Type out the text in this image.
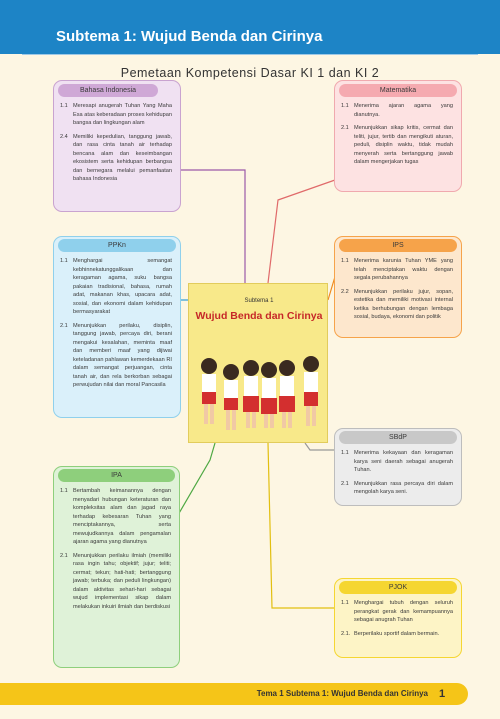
Subtema 1: Wujud Benda dan Cirinya
Pemetaan Kompetensi Dasar KI 1 dan KI 2
Bahasa Indonesia
1.1 Meresapi anugerah Tuhan Yang Maha Esa atas keberadaan proses kehidupan bangsa dan lingkungan alam
2.4 Memiliki kepedulian, tanggung jawab, dan rasa cinta tanah air terhadap bencana alam dan keseimbangan ekosistem serta kehidupan berbangsa dan bernegara melalui pemanfaatan bahasa Indonesia
Matematika
1.1 Menerima ajaran agama yang dianutnya.
2.1 Menunjukkan sikap kritis, cermat dan teliti, jujur, tertib dan mengikuti aturan, peduli, disiplin waktu, tidak mudah menyerah serta bertanggung jawab dalam mengerjakan tugas
PPKn
1.1 Menghargai semangat kebhinnekatunggalikaan dan keragaman agama, suku bangsa pakaian tradisional, bahasa, rumah adat, makanan khas, upacara adat, sosial, dan ekonomi dalam kehidupan bermasyarakat
2.1 Menunjukkan perilaku, disiplin, tanggung jawab, percaya diri, berani mengakui kesalahan, meminta maaf dan memberi maaf yang dijiwai keteladanan pahlawan kemerdekaan RI dalam semangat perjuangan, cinta tanah air, dan rela berkorban sebagai perwujudan nilai dan moral Pancasila
IPS
1.1 Menerima karunia Tuhan YME yang telah menciptakan waktu dengan segala perubahannya
2.2 Menunjukkan perilaku jujur, sopan, estetika dan memiliki motivasi internal ketika berhubungan dengan lembaga sosial, budaya, ekonomi dan politik
Subtema 1
Wujud Benda dan Cirinya
SBdP
1.1 Menerima kekayaan dan keragaman karya seni daerah sebagai anugerah Tuhan.
2.1 Menunjukkan rasa percaya diri dalam mengolah karya seni.
IPA
1.1 Bertambah keimanannya dengan menyadari hubungan keteraturan dan kompleksitas alam dan jagad raya terhadap kebesaran Tuhan yang menciptakannya, serta mewujudkannya dalam pengamalan ajaran agama yang dianutnya
2.1 Menunjukkan perilaku ilmiah (memiliki rasa ingin tahu; objektif; jujur; teliti; cermat; tekun; hati-hati; bertanggung jawab; terbuka; dan peduli lingkungan) dalam aktivitas sehari-hari sebagai wujud implementasi sikap dalam melakukan inkuiri ilmiah dan berdiskusi
PJOK
1.1 Menghargai tubuh dengan seluruh perangkat gerak dan kemampuannya sebagai anugrah Tuhan
2.1. Berperilaku sportif dalam bermain.
Tema 1 Subtema 1: Wujud Benda dan Cirinya 1
